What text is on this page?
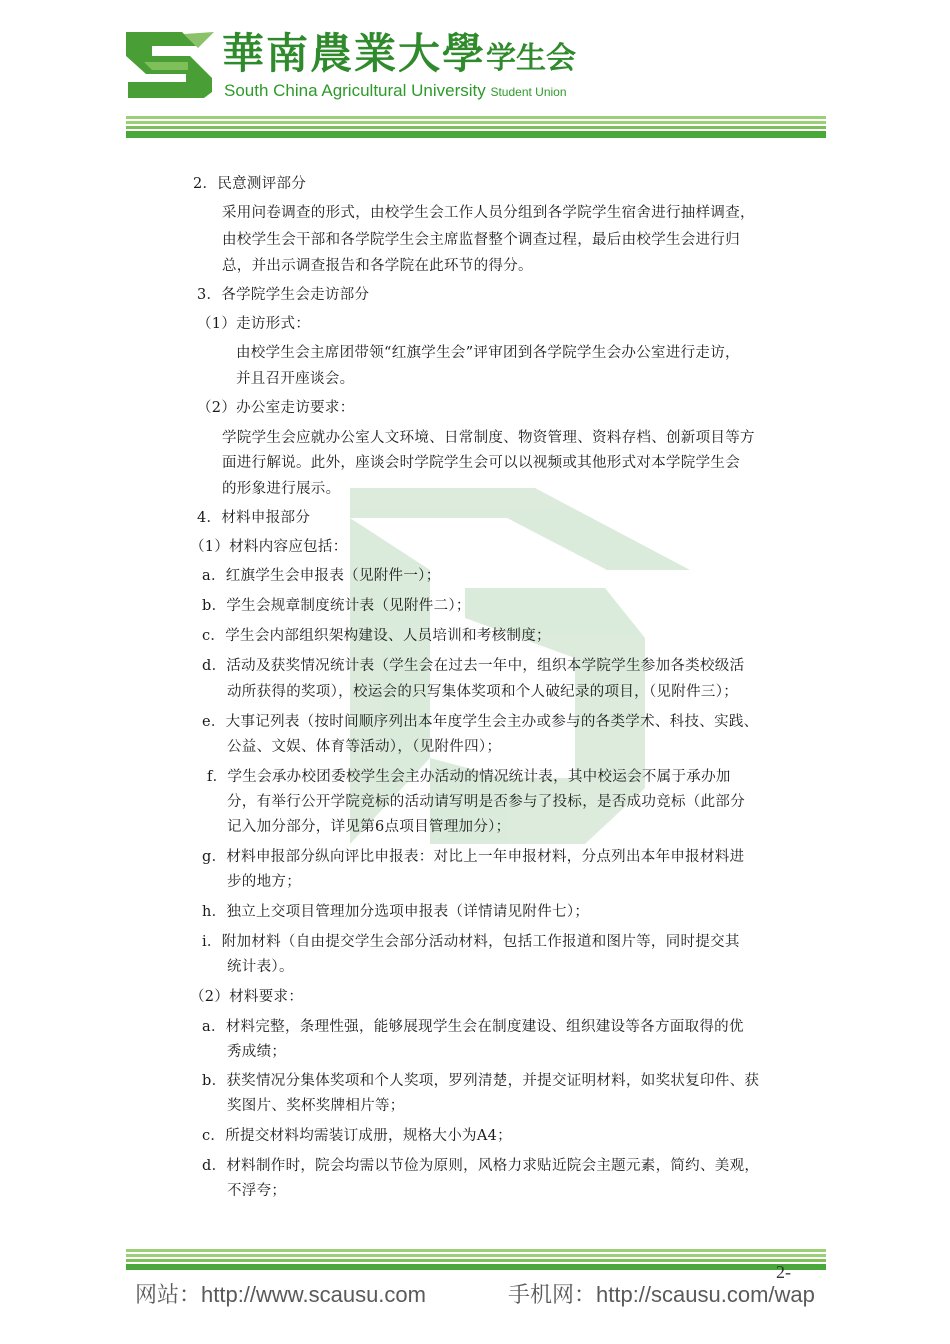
華南農業大學学生会
South China Agricultural University Student Union
2．民意测评部分
采用问卷调查的形式，由校学生会工作人员分组到各学院学生宿舍进行抽样调查，
由校学生会干部和各学院学生会主席监督整个调查过程，最后由校学生会进行归
总，并出示调查报告和各学院在此环节的得分。
3．各学院学生会走访部分
（1）走访形式：
由校学生会主席团带领“红旗学生会”评审团到各学院学生会办公室进行走访，
并且召开座谈会。
（2）办公室走访要求：
学院学生会应就办公室人文环境、日常制度、物资管理、资料存档、创新项目等方
面进行解说。此外，座谈会时学院学生会可以以视频或其他形式对本学院学生会
的形象进行展示。
4．材料申报部分
（1）材料内容应包括：
a．红旗学生会申报表（见附件一）；
b．学生会规章制度统计表（见附件二）；
c．学生会内部组织架构建设、人员培训和考核制度；
d．活动及获奖情况统计表（学生会在过去一年中，组织本学院学生参加各类校级活
动所获得的奖项），校运会的只写集体奖项和个人破纪录的项目，（见附件三）；
e．大事记列表（按时间顺序列出本年度学生会主办或参与的各类学术、科技、实践、
公益、文娱、体育等活动），（见附件四）；
f．学生会承办校团委校学生会主办活动的情况统计表，其中校运会不属于承办加
分，有举行公开学院竞标的活动请写明是否参与了投标，是否成功竞标（此部分
记入加分部分，详见第6点项目管理加分）；
g．材料申报部分纵向评比申报表：对比上一年申报材料，分点列出本年申报材料进
步的地方；
h．独立上交项目管理加分选项申报表（详情请见附件七）；
i．附加材料（自由提交学生会部分活动材料，包括工作报道和图片等，同时提交其
统计表）。
（2）材料要求：
a．材料完整，条理性强，能够展现学生会在制度建设、组织建设等各方面取得的优
秀成绩；
b．获奖情况分集体奖项和个人奖项，罗列清楚，并提交证明材料，如奖状复印件、获
奖图片、奖杯奖牌相片等；
c．所提交材料均需装订成册，规格大小为A4；
d．材料制作时，院会均需以节俭为原则，风格力求贴近院会主题元素，简约、美观，
不浮夸；
网站：http://www.scausu.com	手机网：http://scausu.com/wap
2-
